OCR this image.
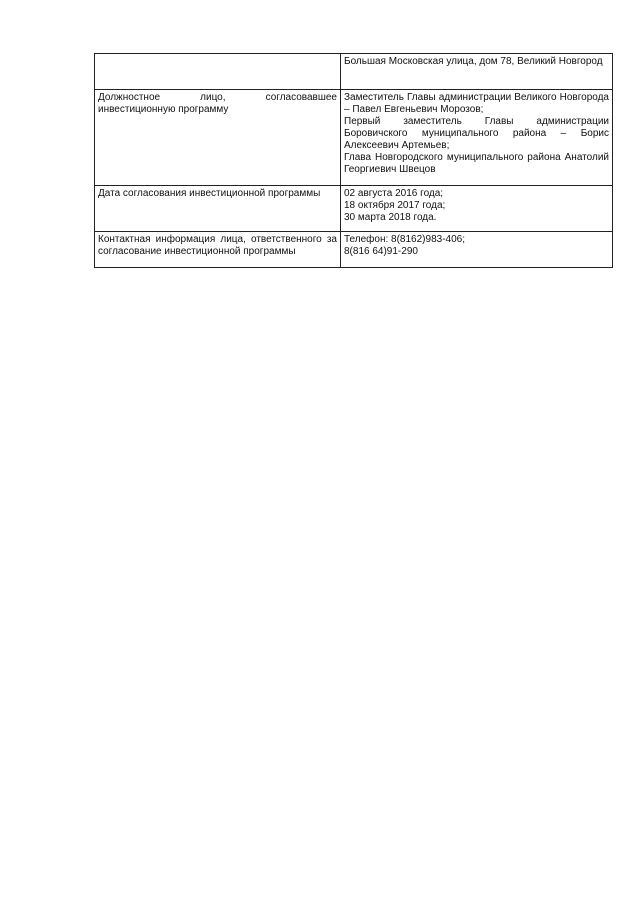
	Большая Московская улица, дом 78, Великий Новгород

Должностное лицо, согласовавшее инвестиционную программу	Заместитель Главы администрации Великого Новгорода – Павел Евгеньевич Морозов;
Первый заместитель Главы администрации Боровичского муниципального района – Борис Алексеевич Артемьев;
Глава Новгородского муниципального района Анатолий Георгиевич Швецов

Дата согласования инвестиционной программы	02 августа 2016 года;
18 октября 2017 года;
30 марта 2018 года.

Контактная информация лица, ответственного за согласование инвестиционной программы	Телефон: 8(8162)983-406;
8(816 64)91-290
